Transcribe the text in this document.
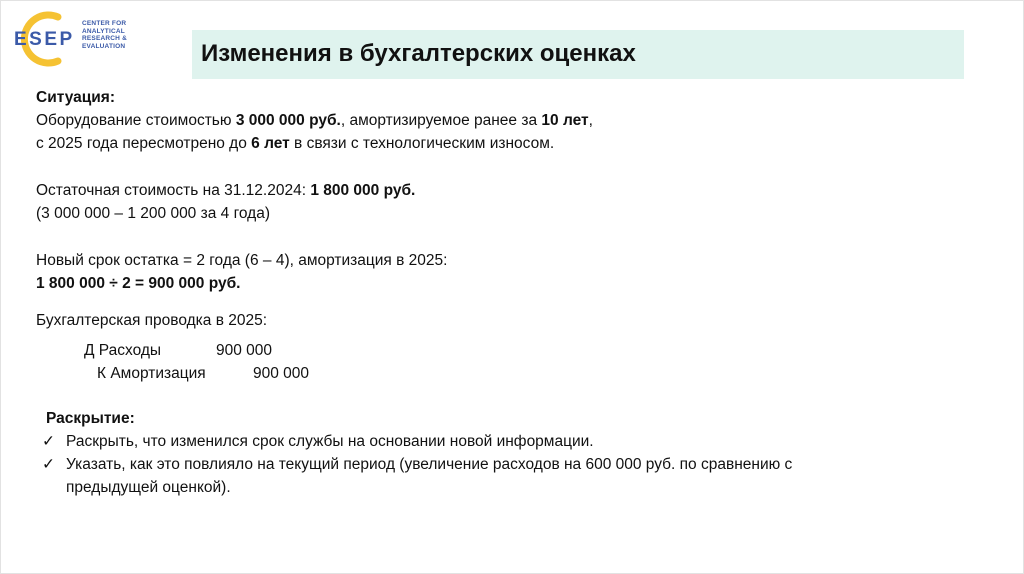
ESEP
CENTER FOR
ANALYTICAL
RESEARCH &
EVALUATION	Изменения в бухгалтерских оценках
Ситуация:
Оборудование стоимостью 3 000 000 руб., амортизируемое ранее за 10 лет,
с 2025 года пересмотрено до 6 лет в связи с технологическим износом.
Остаточная стоимость на 31.12.2024: 1 800 000 руб.
(3 000 000 – 1 200 000 за 4 года)
Новый срок остатка = 2 года (6 – 4), амортизация в 2025:
1 800 000 ÷ 2 = 900 000 руб.
Бухгалтерская проводка в 2025:
Д Расходы	900 000
К Амортизация	900 000
Раскрытие:
✓ Раскрыть, что изменился срок службы на основании новой информации.
✓ Указать, как это повлияло на текущий период (увеличение расходов на 600 000 руб. по сравнению с
предыдущей оценкой).
